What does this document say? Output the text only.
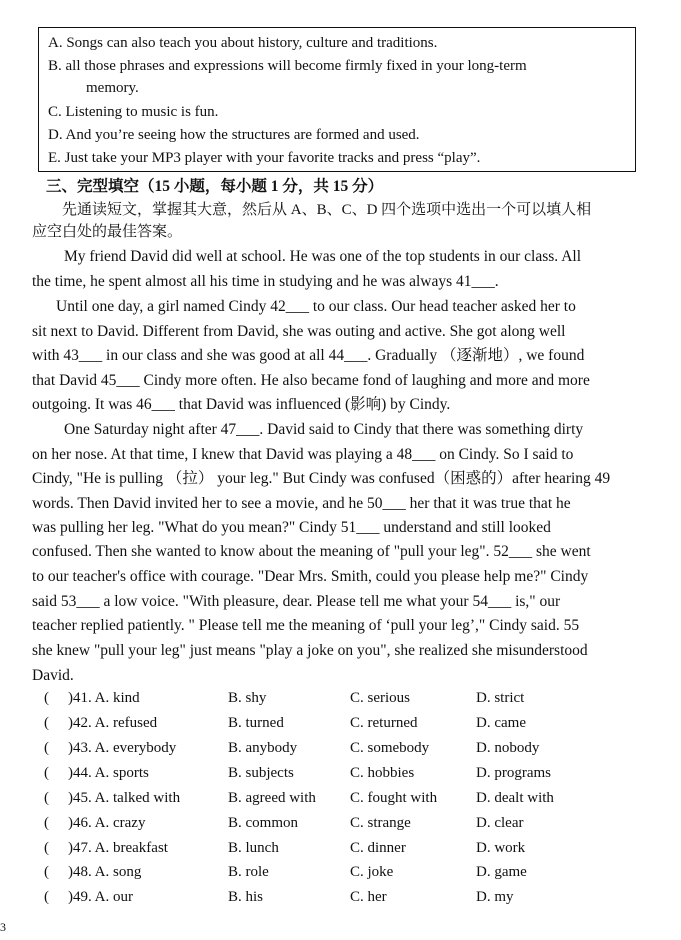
A. Songs can also teach you about history, culture and traditions.
B. all those phrases and expressions will become firmly fixed in your long-term
memory.
C. Listening to music is fun.
D. And you’re seeing how the structures are formed and used.
E. Just take your MP3 player with your favorite tracks and press “play”.
三、完型填空（15 小题，每小题 1 分，共 15 分）
先通读短文，掌握其大意，然后从 A、B、C、D 四个选项中选出一个可以填人相
应空白处的最佳答案。
My friend David did well at school. He was one of the top students in our class. All
the time, he spent almost all his time in studying and he was always 41___.
Until one day, a girl named Cindy 42___ to our class. Our head teacher asked her to
sit next to David. Different from David, she was outing and active. She got along well
with 43___ in our class and she was good at all 44___. Gradually （逐渐地）, we found
that David 45___ Cindy more often. He also became fond of laughing and more and more
outgoing. It was 46___ that David was influenced (影响) by Cindy.
One Saturday night after 47___. David said to Cindy that there was something dirty
on her nose. At that time, I knew that David was playing a 48___ on Cindy. So I said to
Cindy, "He is pulling （拉） your leg." But Cindy was confused（困惑的）after hearing 49
words. Then David invited her to see a movie, and he 50___ her that it was true that he
was pulling her leg. "What do you mean?" Cindy 51___ understand and still looked
confused. Then she wanted to know about the meaning of "pull your leg". 52___ she went
to our teacher's office with courage. "Dear Mrs. Smith, could you please help me?" Cindy
said 53___ a low voice. "With pleasure, dear. Please tell me what your 54___ is," our
teacher replied patiently. " Please tell me the meaning of ‘pull your leg’," Cindy said. 55
she knew "pull your leg" just means "play a joke on you", she realized she misunderstood
David.
( )41. A. kind	B. shy	C. serious	D. strict
( )42. A. refused	B. turned	C. returned	D. came
( )43. A. everybody	B. anybody	C. somebody	D. nobody
( )44. A. sports	B. subjects	C. hobbies	D. programs
( )45. A. talked with	B. agreed with C. fought with	D. dealt with
( )46. A. crazy	B. common	C. strange	D. clear
( )47. A. breakfast	B. lunch	C. dinner	D. work
( )48. A. song	B. role	C. joke	D. game
( )49. A. our	B. his	C. her	D. my
3
